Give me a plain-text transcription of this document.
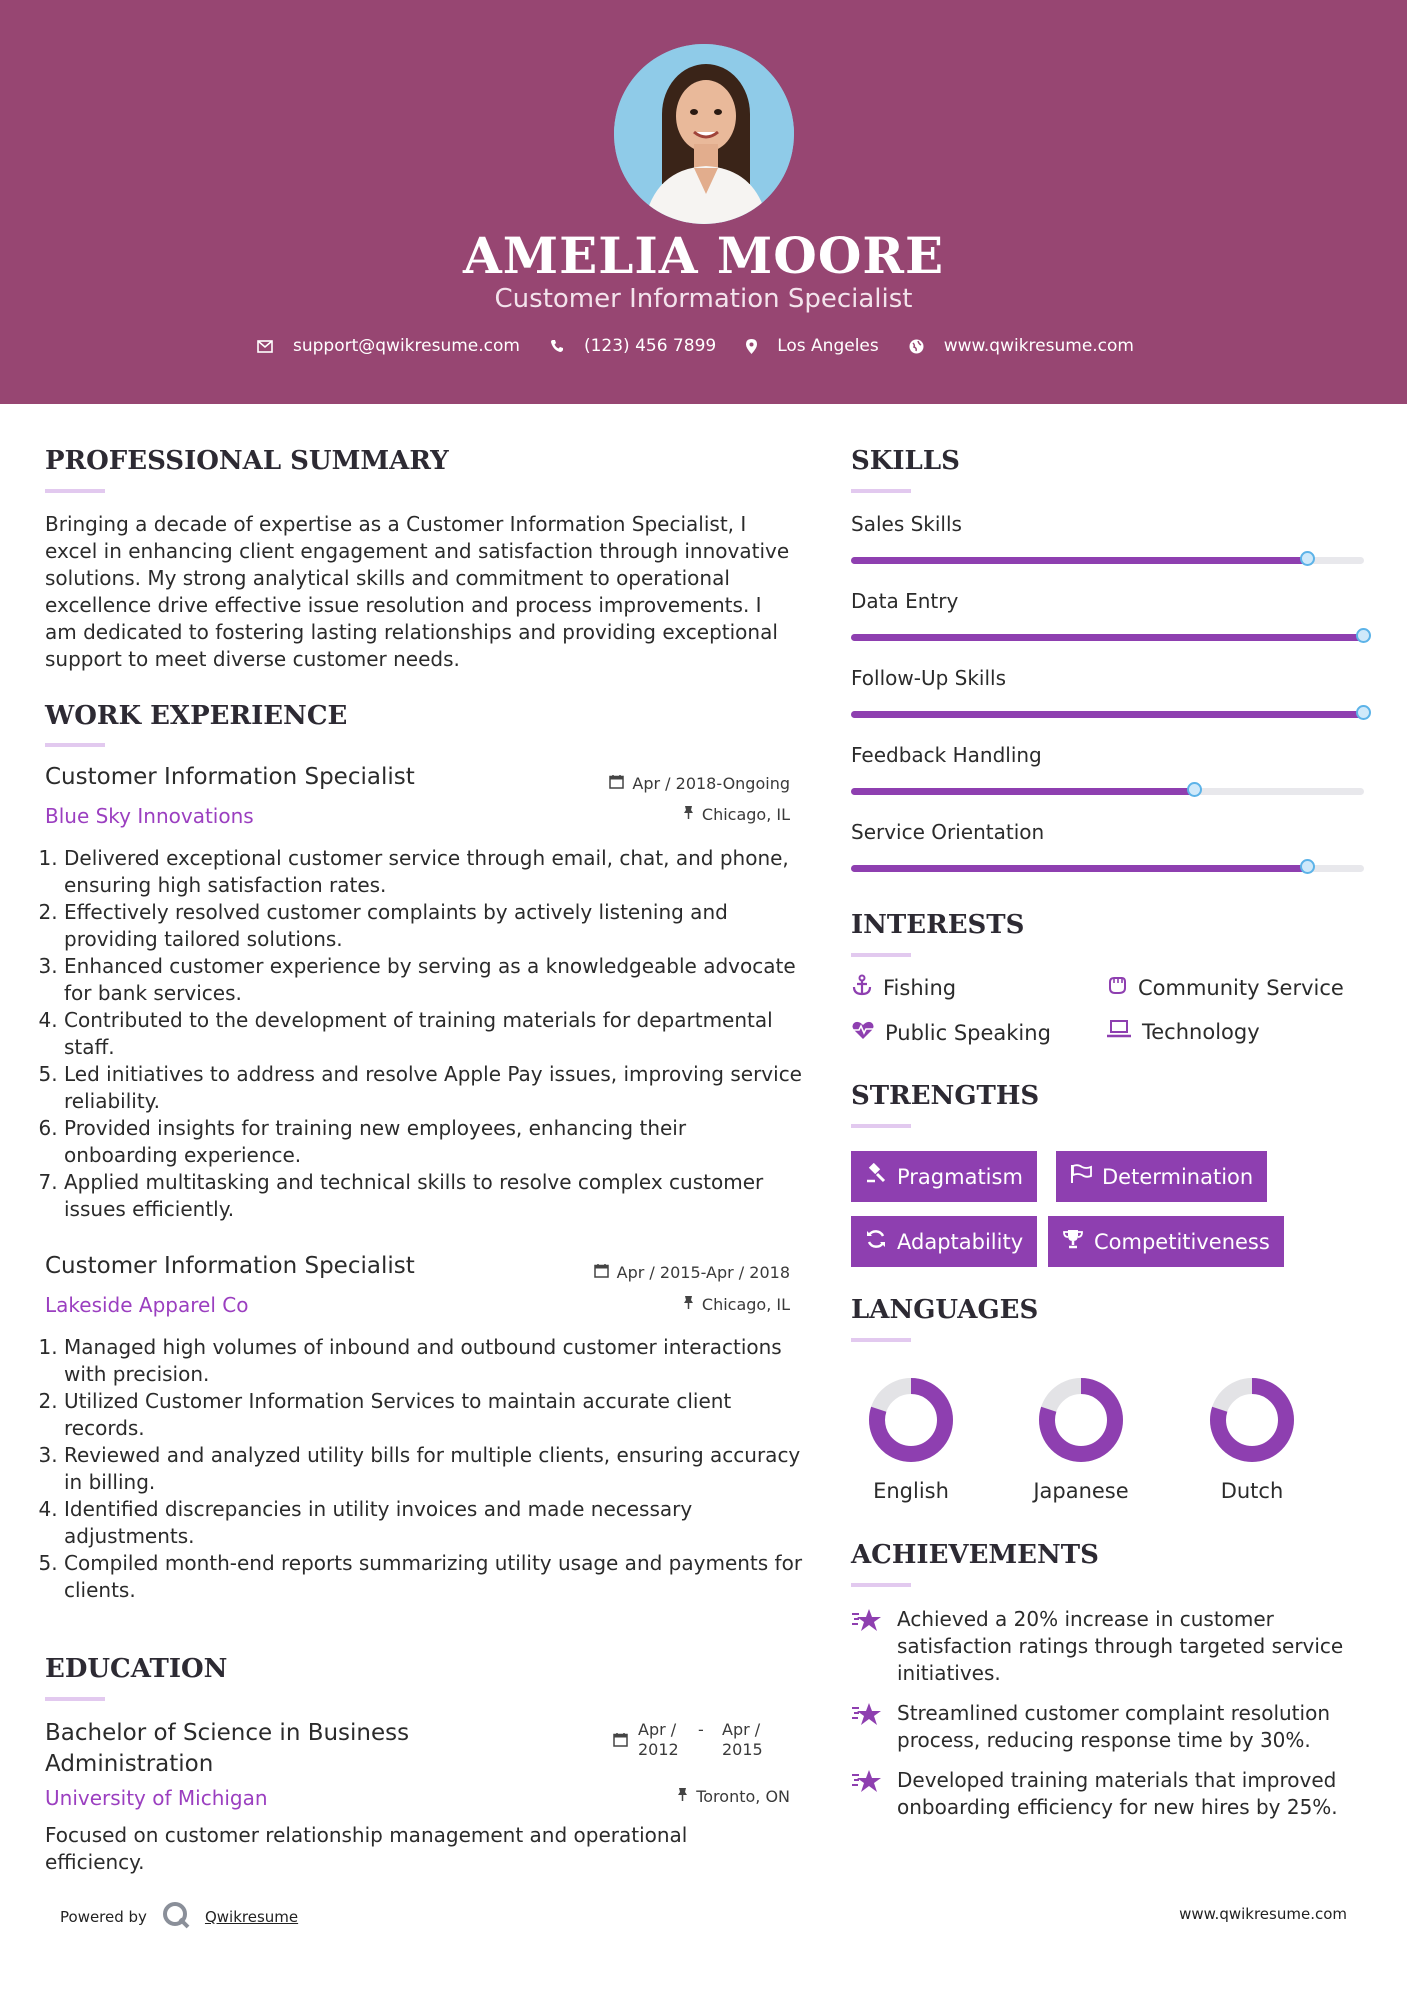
AMELIA MOORE
Customer Information Specialist
support@qwikresume.com	(123) 456 7899	Los Angeles	www.qwikresume.com
PROFESSIONAL SUMMARY
Bringing a decade of expertise as a Customer Information Specialist, I excel in enhancing client engagement and satisfaction through innovative solutions. My strong analytical skills and commitment to operational excellence drive effective issue resolution and process improvements. I am dedicated to fostering lasting relationships and providing exceptional support to meet diverse customer needs.
WORK EXPERIENCE
Customer Information Specialist	Apr / 2018-Ongoing
Blue Sky Innovations	Chicago, IL
1. Delivered exceptional customer service through email, chat, and phone, ensuring high satisfaction rates.
2. Effectively resolved customer complaints by actively listening and providing tailored solutions.
3. Enhanced customer experience by serving as a knowledgeable advocate for bank services.
4. Contributed to the development of training materials for departmental staff.
5. Led initiatives to address and resolve Apple Pay issues, improving service reliability.
6. Provided insights for training new employees, enhancing their onboarding experience.
7. Applied multitasking and technical skills to resolve complex customer issues efficiently.
Customer Information Specialist	Apr / 2015-Apr / 2018
Lakeside Apparel Co	Chicago, IL
1. Managed high volumes of inbound and outbound customer interactions with precision.
2. Utilized Customer Information Services to maintain accurate client records.
3. Reviewed and analyzed utility bills for multiple clients, ensuring accuracy in billing.
4. Identified discrepancies in utility invoices and made necessary adjustments.
5. Compiled month-end reports summarizing utility usage and payments for clients.
EDUCATION
Bachelor of Science in Business Administration
Apr / 2012
-	Apr / 2015
University of Michigan	Toronto, ON
Focused on customer relationship management and operational efficiency.
SKILLS
Sales Skills
Data Entry
Follow-Up Skills
Feedback Handling
Service Orientation
INTERESTS
Fishing	Community Service
Public Speaking	Technology
STRENGTHS
Pragmatism	Determination
Adaptability	Competitiveness
LANGUAGES
English	Japanese	Dutch
ACHIEVEMENTS
Achieved a 20% increase in customer satisfaction ratings through targeted service initiatives.
Streamlined customer complaint resolution process, reducing response time by 30%.
Developed training materials that improved onboarding efficiency for new hires by 25%.
Powered by	Qwikresume	www.qwikresume.com
